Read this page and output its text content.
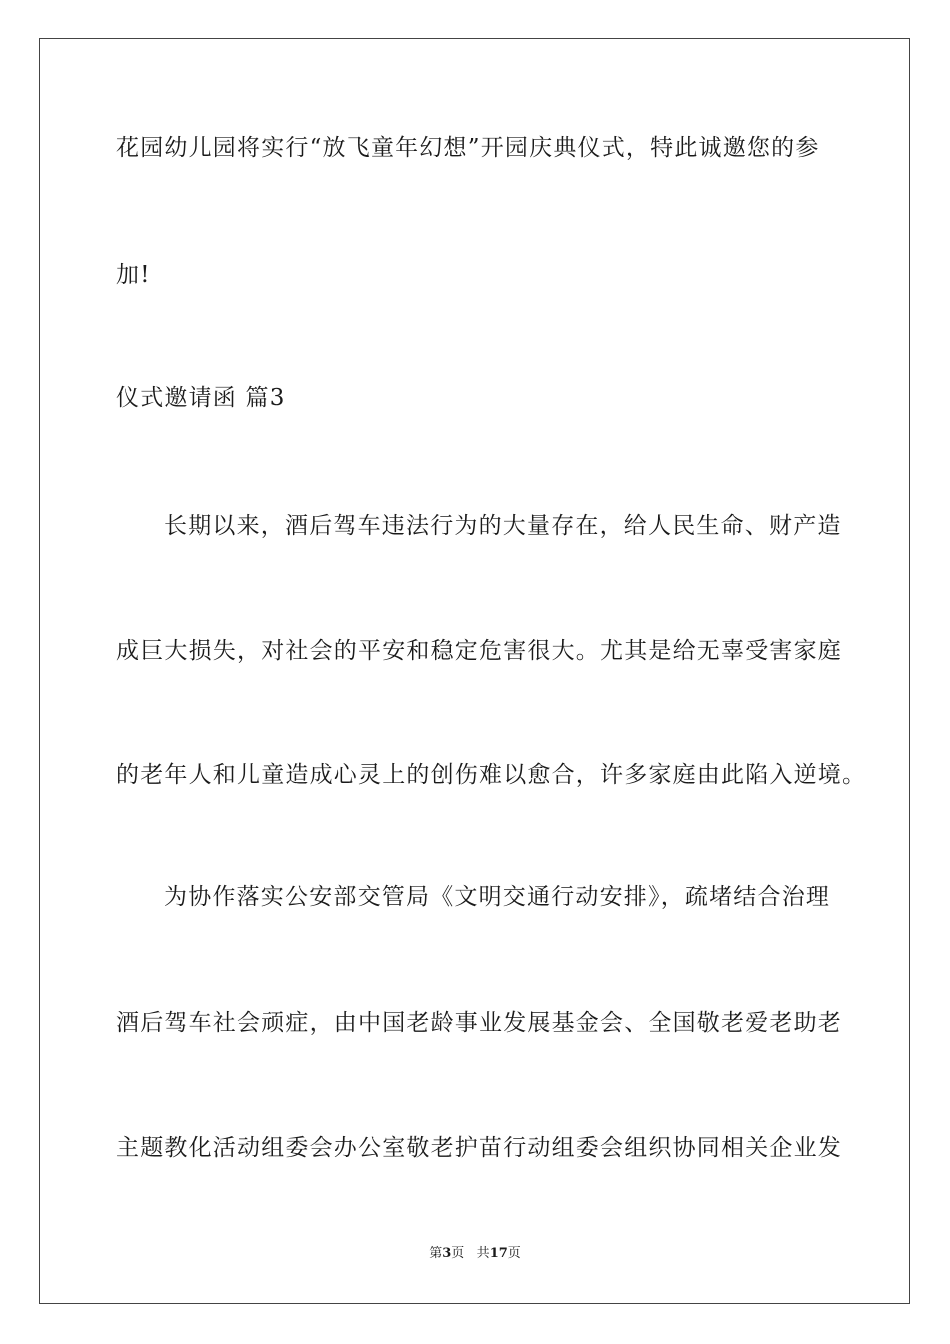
花园幼儿园将实行“放飞童年幻想”开园庆典仪式，特此诚邀您的参
加!
仪式邀请函 篇3
长期以来，酒后驾车违法行为的大量存在，给人民生命、财产造
成巨大损失，对社会的平安和稳定危害很大。尤其是给无辜受害家庭
的老年人和儿童造成心灵上的创伤难以愈合，许多家庭由此陷入逆境。
为协作落实公安部交管局《文明交通行动安排》，疏堵结合治理
酒后驾车社会顽症，由中国老龄事业发展基金会、全国敬老爱老助老
主题教化活动组委会办公室敬老护苗行动组委会组织协同相关企业发
第3页 共17页
